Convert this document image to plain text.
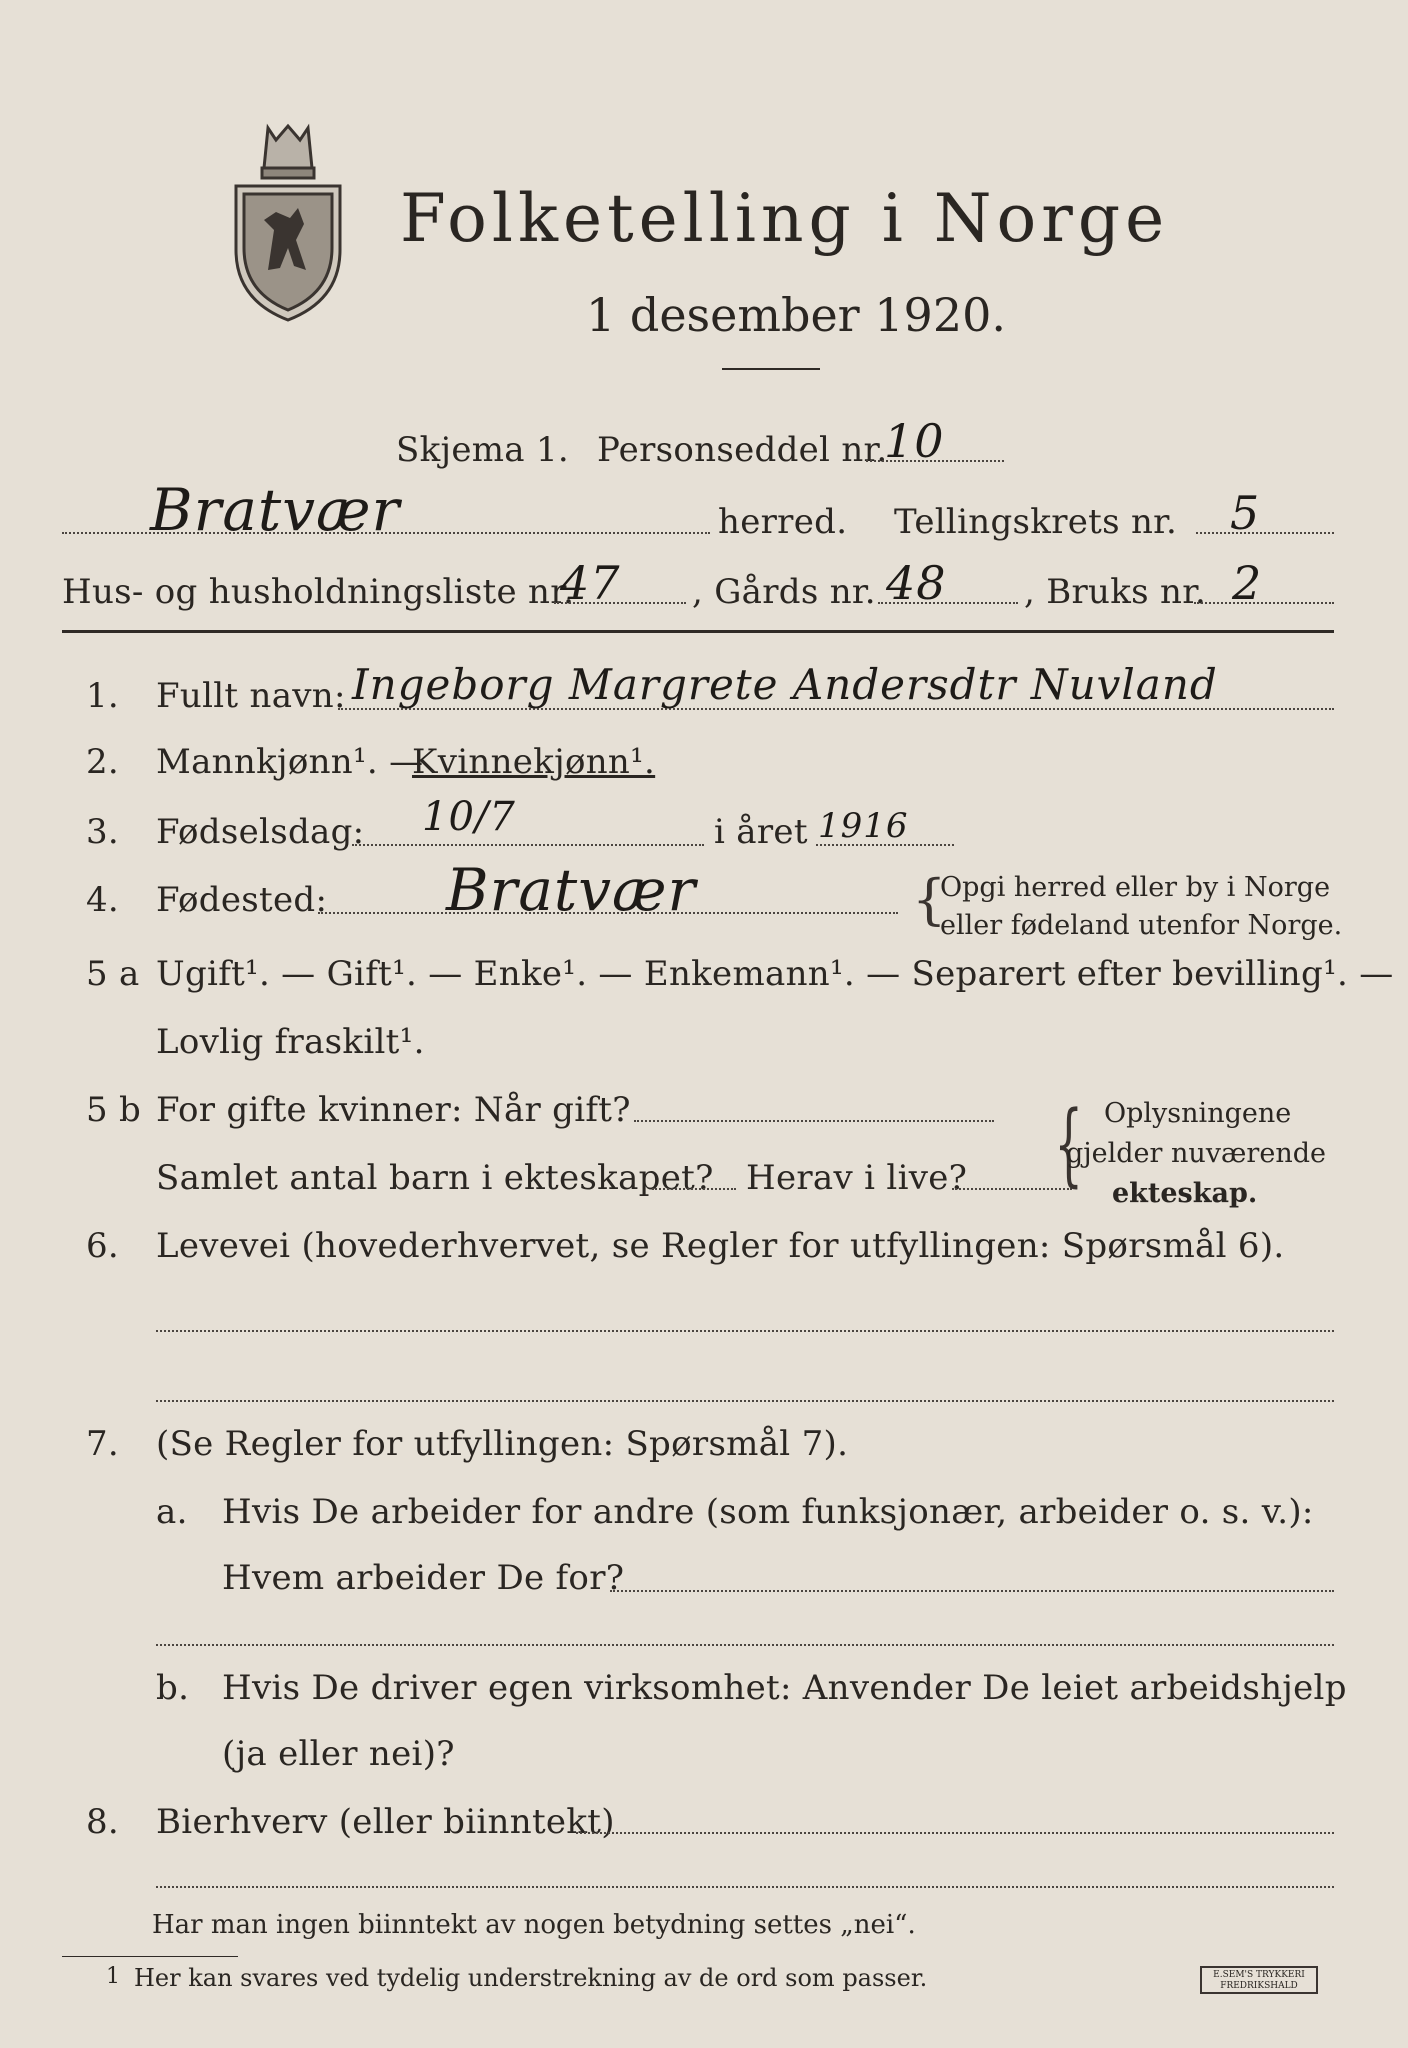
Folketelling i Norge
1 desember 1920.
Skjema 1. Personseddel nr.
10
Bratvær	herred. Tellingskrets nr. 5
Hus- og husholdningsliste nr.
47 , Gårds nr. 48 , Bruks nr. 2
1. Fullt navn: Ingeborg Margrete Andersdtr Nuvland
2. Mannkjønn¹. —
Kvinnekjønn¹.
3. Fødselsdag: 10/7	i året 1916
4. Fødested: Bratvær	{
Opgi herred eller by i Norge
eller fødeland utenfor Norge.
5 a Ugift¹. — Gift¹. — Enke¹. — Enkemann¹. — Separert efter bevilling¹. —
Lovlig fraskilt¹.
5 b For gifte kvinner: Når gift?
Samlet antal barn i ekteskapet? Herav i live? { Oplysningene
gjelder nuværende
ekteskap.
6. Levevei (hovederhvervet, se Regler for utfyllingen: Spørsmål 6).
7. (Se Regler for utfyllingen: Spørsmål 7).
a. Hvis De arbeider for andre (som funksjonær, arbeider o. s. v.):
Hvem arbeider De for?
b. Hvis De driver egen virksomhet: Anvender De leiet arbeidshjelp
(ja eller nei)?
8. Bierhverv (eller biinntekt)
Har man ingen biinntekt av nogen betydning settes „nei“.
1 Her kan svares ved tydelig understrekning av de ord som passer.	E.SEM'S TRYKKERI
FREDRIKSHALD
